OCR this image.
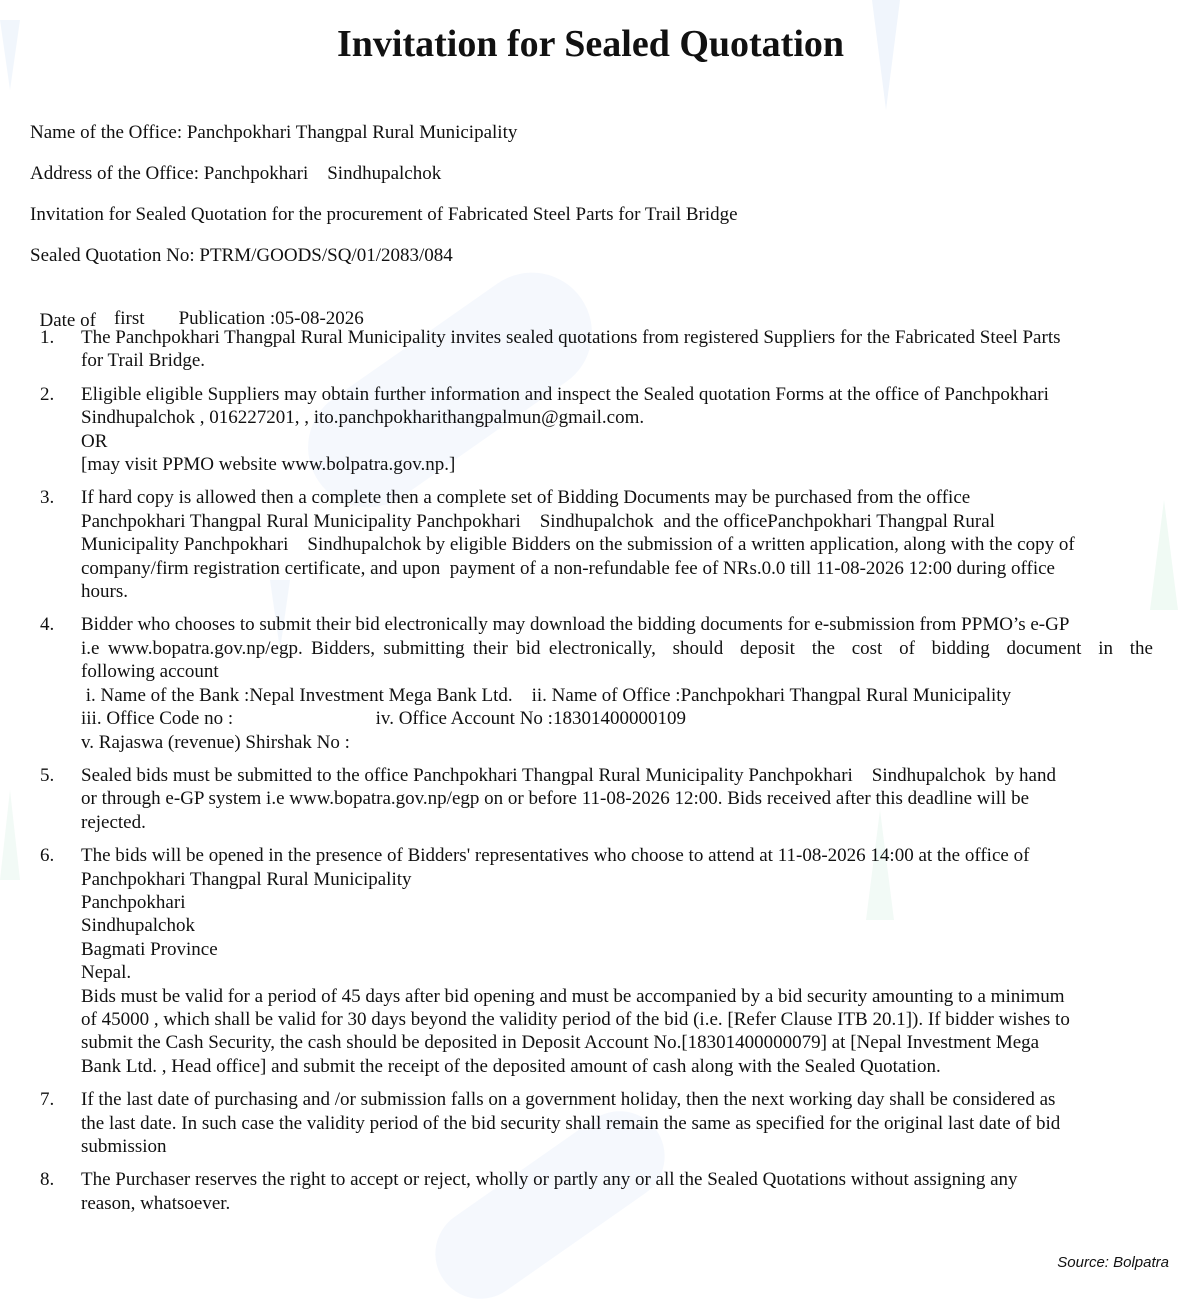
Invitation for Sealed Quotation
Name of the Office: Panchpokhari Thangpal Rural Municipality
Address of the Office: Panchpokhari    Sindhupalchok
Invitation for Sealed Quotation for the procurement of Fabricated Steel Parts for Trail Bridge
Sealed Quotation No: PTRM/GOODS/SQ/01/2083/084

Date of first Publication :05-08-2026

1. The Panchpokhari Thangpal Rural Municipality invites sealed quotations from registered Suppliers for the Fabricated Steel Parts
for Trail Bridge.
2. Eligible eligible Suppliers may obtain further information and inspect the Sealed quotation Forms at the office of Panchpokhari
Sindhupalchok , 016227201, , ito.panchpokharithangpalmun@gmail.com.
OR
[may visit PPMO website www.bolpatra.gov.np.]
3. If hard copy is allowed then a complete then a complete set of Bidding Documents may be purchased from the office
Panchpokhari Thangpal Rural Municipality Panchpokhari    Sindhupalchok  and the officePanchpokhari Thangpal Rural
Municipality Panchpokhari    Sindhupalchok by eligible Bidders on the submission of a written application, along with the copy of
company/firm registration certificate, and upon  payment of a non-refundable fee of NRs.0.0 till 11-08-2026 12:00 during office
hours.
4. Bidder who chooses to submit their bid electronically may download the bidding documents for e-submission from PPMO’s e-GP
i.e www.bopatra.gov.np/egp. Bidders, submitting their bid electronically,  should  deposit  the  cost  of  bidding  document  in  the
following account
i. Name of the Bank :Nepal Investment Mega Bank Ltd.    ii. Name of Office :Panchpokhari Thangpal Rural Municipality
iii. Office Code no :                              iv. Office Account No :18301400000109
v. Rajaswa (revenue) Shirshak No :
5. Sealed bids must be submitted to the office Panchpokhari Thangpal Rural Municipality Panchpokhari    Sindhupalchok  by hand
or through e-GP system i.e www.bopatra.gov.np/egp on or before 11-08-2026 12:00. Bids received after this deadline will be
rejected.
6. The bids will be opened in the presence of Bidders' representatives who choose to attend at 11-08-2026 14:00 at the office of
Panchpokhari Thangpal Rural Municipality
Panchpokhari
Sindhupalchok
Bagmati Province
Nepal.
Bids must be valid for a period of 45 days after bid opening and must be accompanied by a bid security amounting to a minimum
of 45000 , which shall be valid for 30 days beyond the validity period of the bid (i.e. [Refer Clause ITB 20.1]). If bidder wishes to
submit the Cash Security, the cash should be deposited in Deposit Account No.[18301400000079] at [Nepal Investment Mega
Bank Ltd. , Head office] and submit the receipt of the deposited amount of cash along with the Sealed Quotation.
7. If the last date of purchasing and /or submission falls on a government holiday, then the next working day shall be considered as
the last date. In such case the validity period of the bid security shall remain the same as specified for the original last date of bid
submission
8. The Purchaser reserves the right to accept or reject, wholly or partly any or all the Sealed Quotations without assigning any
reason, whatsoever.
Source: Bolpatra
